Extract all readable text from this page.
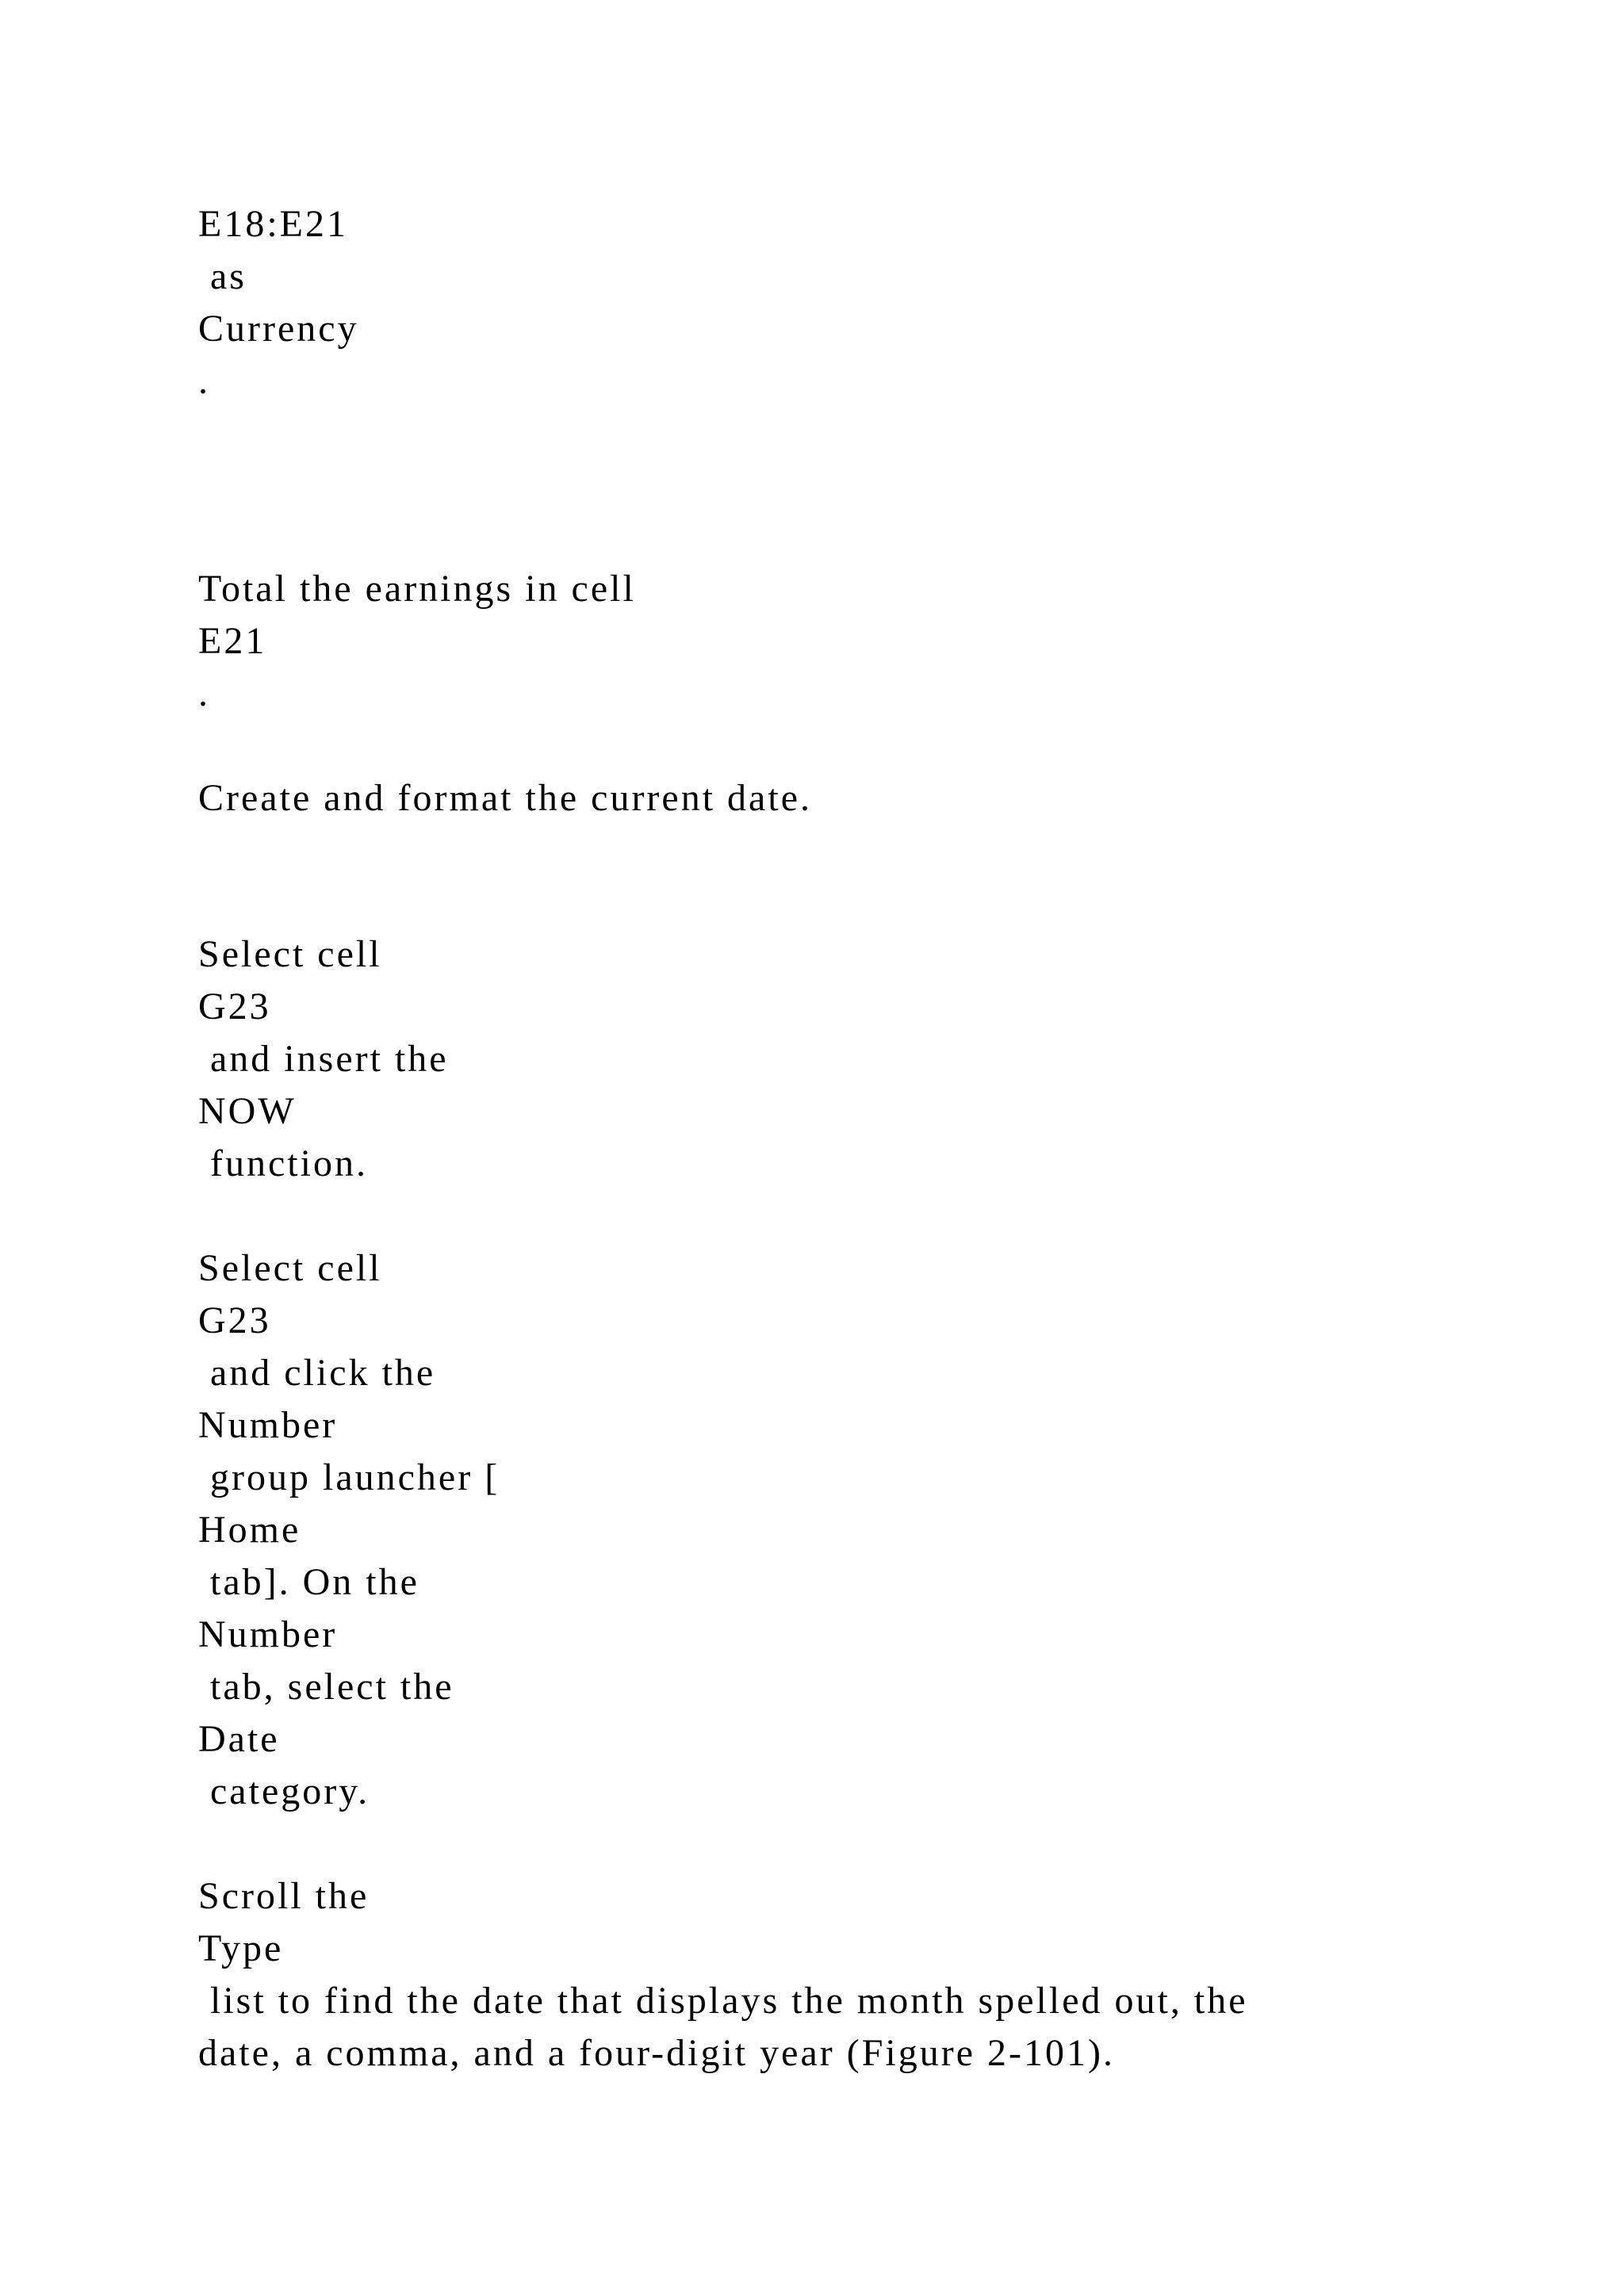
E18:E21
as
Currency
.
Total the earnings in cell
E21
.
Create and format the current date.
Select cell
G23
and insert the
NOW
function.
Select cell
G23
and click the
Number
group launcher [
Home
tab]. On the
Number
tab, select the
Date
category.
Scroll the
Type
list to find the date that displays the month spelled out, the
date, a comma, and a four-digit year (Figure 2-101).
